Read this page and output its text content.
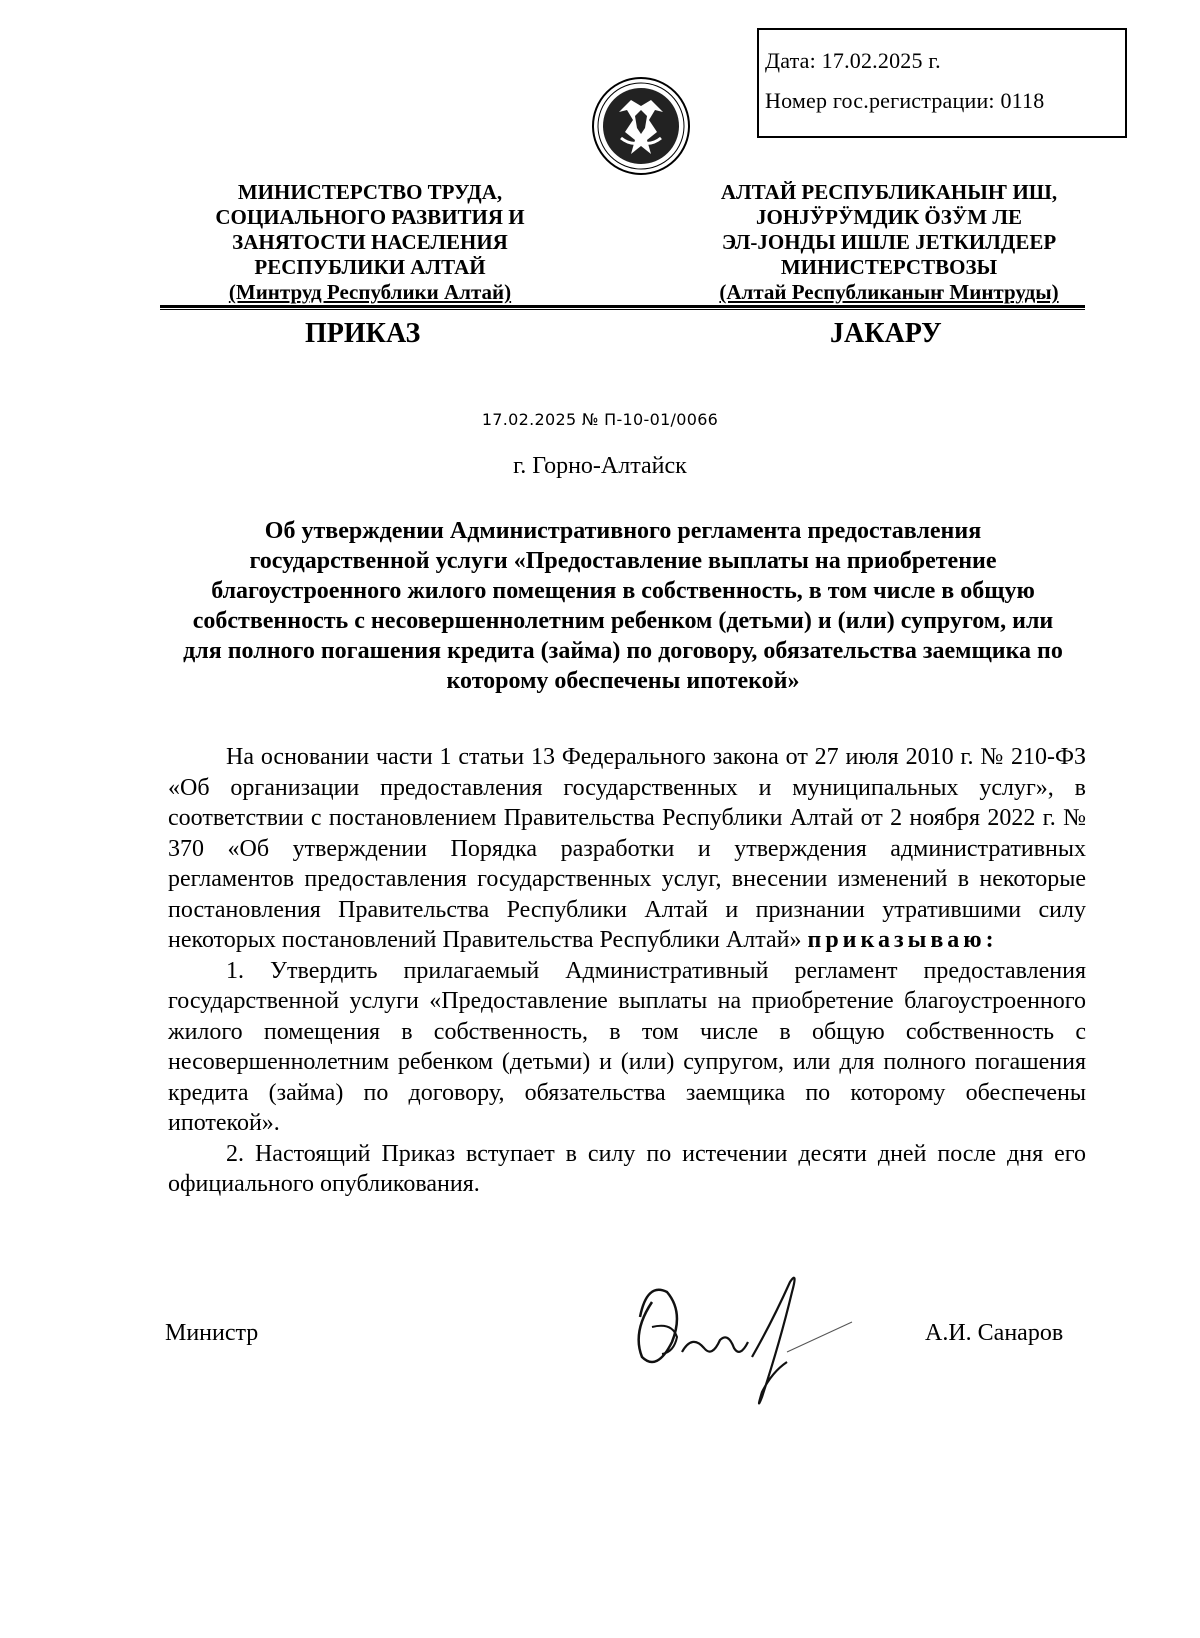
Дата: 17.02.2025 г.
Номер гос.регистрации: 0118
МИНИСТЕРСТВО ТРУДА,
СОЦИАЛЬНОГО РАЗВИТИЯ И
ЗАНЯТОСТИ НАСЕЛЕНИЯ
РЕСПУБЛИКИ АЛТАЙ
(Минтруд Республики Алтай)
АЛТАЙ РЕСПУБЛИКАНЫҤ ИШ,
ЈОНЈӰРӰМДИК ӦЗӰМ ЛЕ
ЭЛ-ЈОНДЫ ИШЛЕ ЈЕТКИЛДЕЕР
МИНИСТЕРСТВОЗЫ
(Алтай Республиканыҥ Минтруды)
ПРИКАЗ	ЈАКАРУ
17.02.2025 № П-10-01/0066
г. Горно-Алтайск
Об утверждении Административного регламента предоставления государственной услуги «Предоставление выплаты на приобретение благоустроенного жилого помещения в собственность, в том числе в общую собственность с несовершеннолетним ребенком (детьми) и (или) супругом, или для полного погашения кредита (займа) по договору, обязательства заемщика по которому обеспечены ипотекой»

На основании части 1 статьи 13 Федерального закона от 27 июля 2010 г. № 210-ФЗ «Об организации предоставления государственных и муниципальных услуг», в соответствии с постановлением Правительства Республики Алтай от 2 ноября 2022 г. № 370 «Об утверждении Порядка разработки и утверждения административных регламентов предоставления государственных услуг, внесении изменений в некоторые постановления Правительства Республики Алтай и признании утратившими силу некоторых постановлений Правительства Республики Алтай» приказываю:

1. Утвердить прилагаемый Административный регламент предоставления государственной услуги «Предоставление выплаты на приобретение благоустроенного жилого помещения в собственность, в том числе в общую собственность с несовершеннолетним ребенком (детьми) и (или) супругом, или для полного погашения кредита (займа) по договору, обязательства заемщика по которому обеспечены ипотекой».

2. Настоящий Приказ вступает в силу по истечении десяти дней после дня его официального опубликования.

Министр	А.И. Санаров
